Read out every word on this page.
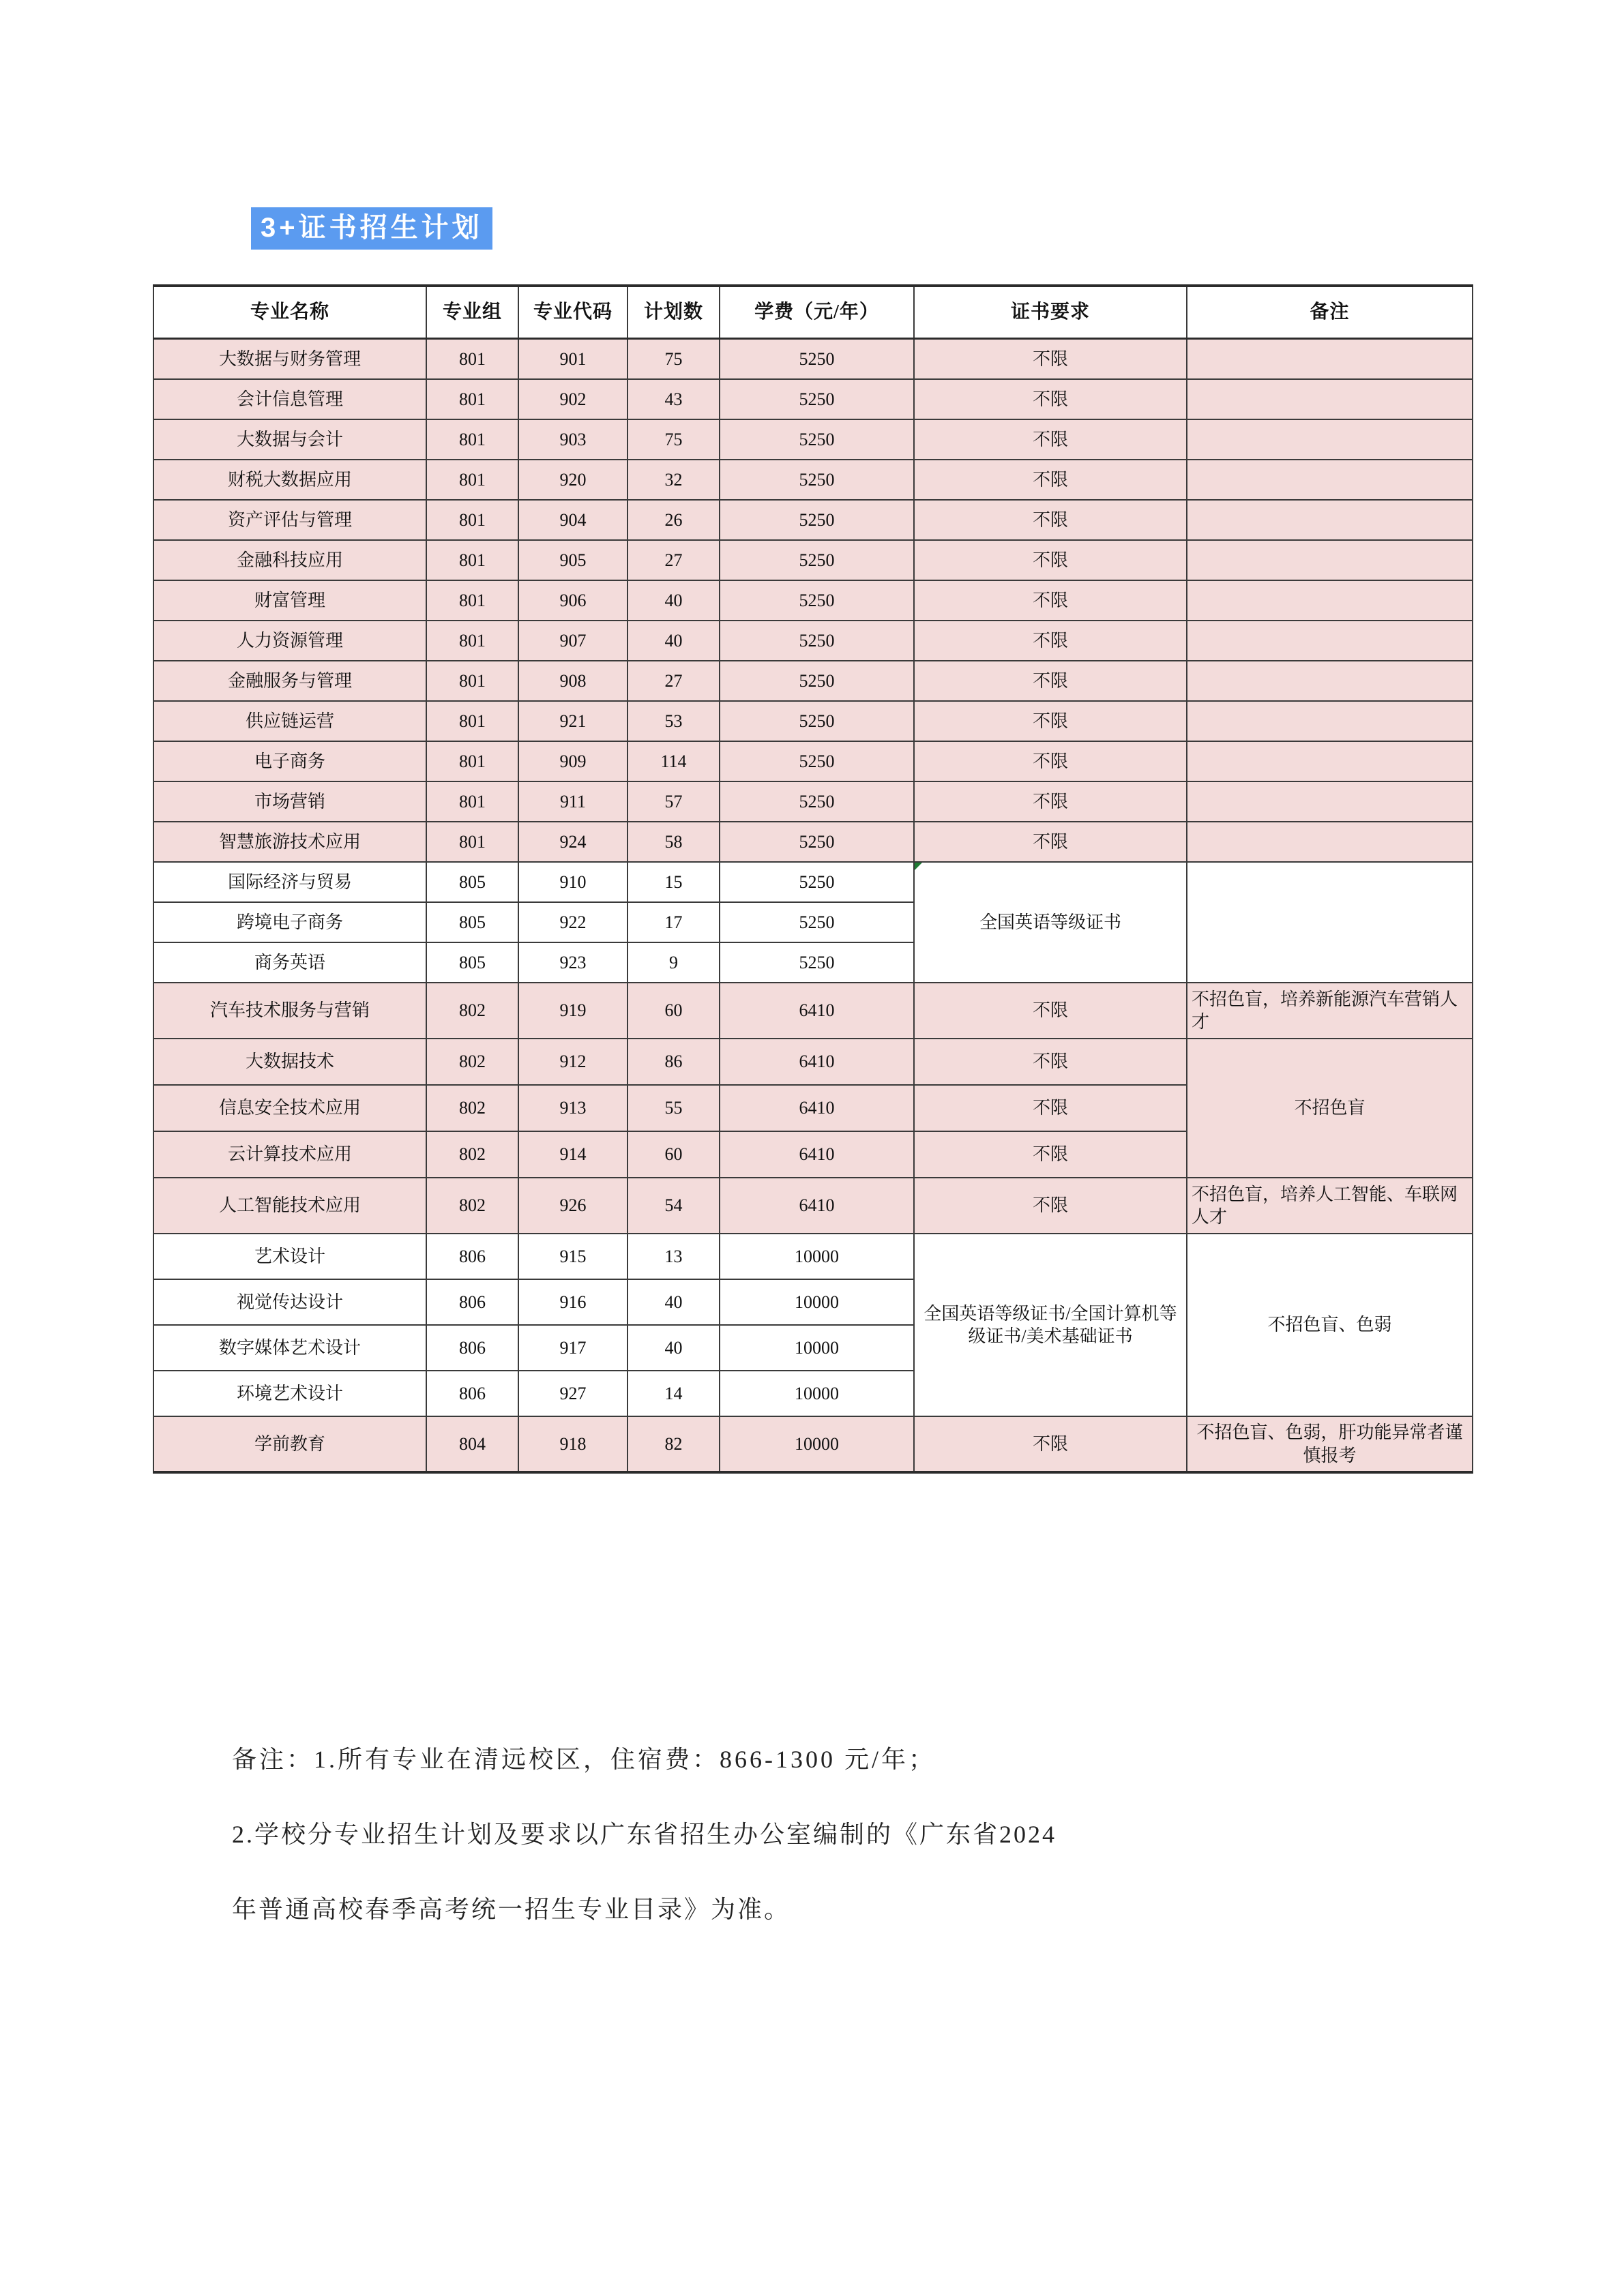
3+证书招生计划
专业名称	专业组	专业代码	计划数	学费（元/年）	证书要求	备注
大数据与财务管理	801	901	75	5250	不限	
会计信息管理	801	902	43	5250	不限	
大数据与会计	801	903	75	5250	不限	
财税大数据应用	801	920	32	5250	不限	
资产评估与管理	801	904	26	5250	不限	
金融科技应用	801	905	27	5250	不限	
财富管理	801	906	40	5250	不限	
人力资源管理	801	907	40	5250	不限	
金融服务与管理	801	908	27	5250	不限	
供应链运营	801	921	53	5250	不限	
电子商务	801	909	114	5250	不限	
市场营销	801	911	57	5250	不限	
智慧旅游技术应用	801	924	58	5250	不限	
国际经济与贸易	805	910	15	5250	全国英语等级证书	
跨境电子商务	805	922	17	5250		
商务英语	805	923	9	5250		
汽车技术服务与营销	802	919	60	6410	不限	不招色盲，培养新能源汽车营销人才
大数据技术	802	912	86	6410	不限	不招色盲
信息安全技术应用	802	913	55	6410	不限	
云计算技术应用	802	914	60	6410	不限	
人工智能技术应用	802	926	54	6410	不限	不招色盲，培养人工智能、车联网人才
艺术设计	806	915	13	10000	全国英语等级证书/全国计算机等级证书/美术基础证书	不招色盲、色弱
视觉传达设计	806	916	40	10000		
数字媒体艺术设计	806	917	40	10000		
环境艺术设计	806	927	14	10000		
学前教育	804	918	82	10000	不限	不招色盲、色弱，肝功能异常者谨慎报考
备注：1.所有专业在清远校区，住宿费：866-1300 元/年；
2.学校分专业招生计划及要求以广东省招生办公室编制的《广东省2024
年普通高校春季高考统一招生专业目录》为准。
